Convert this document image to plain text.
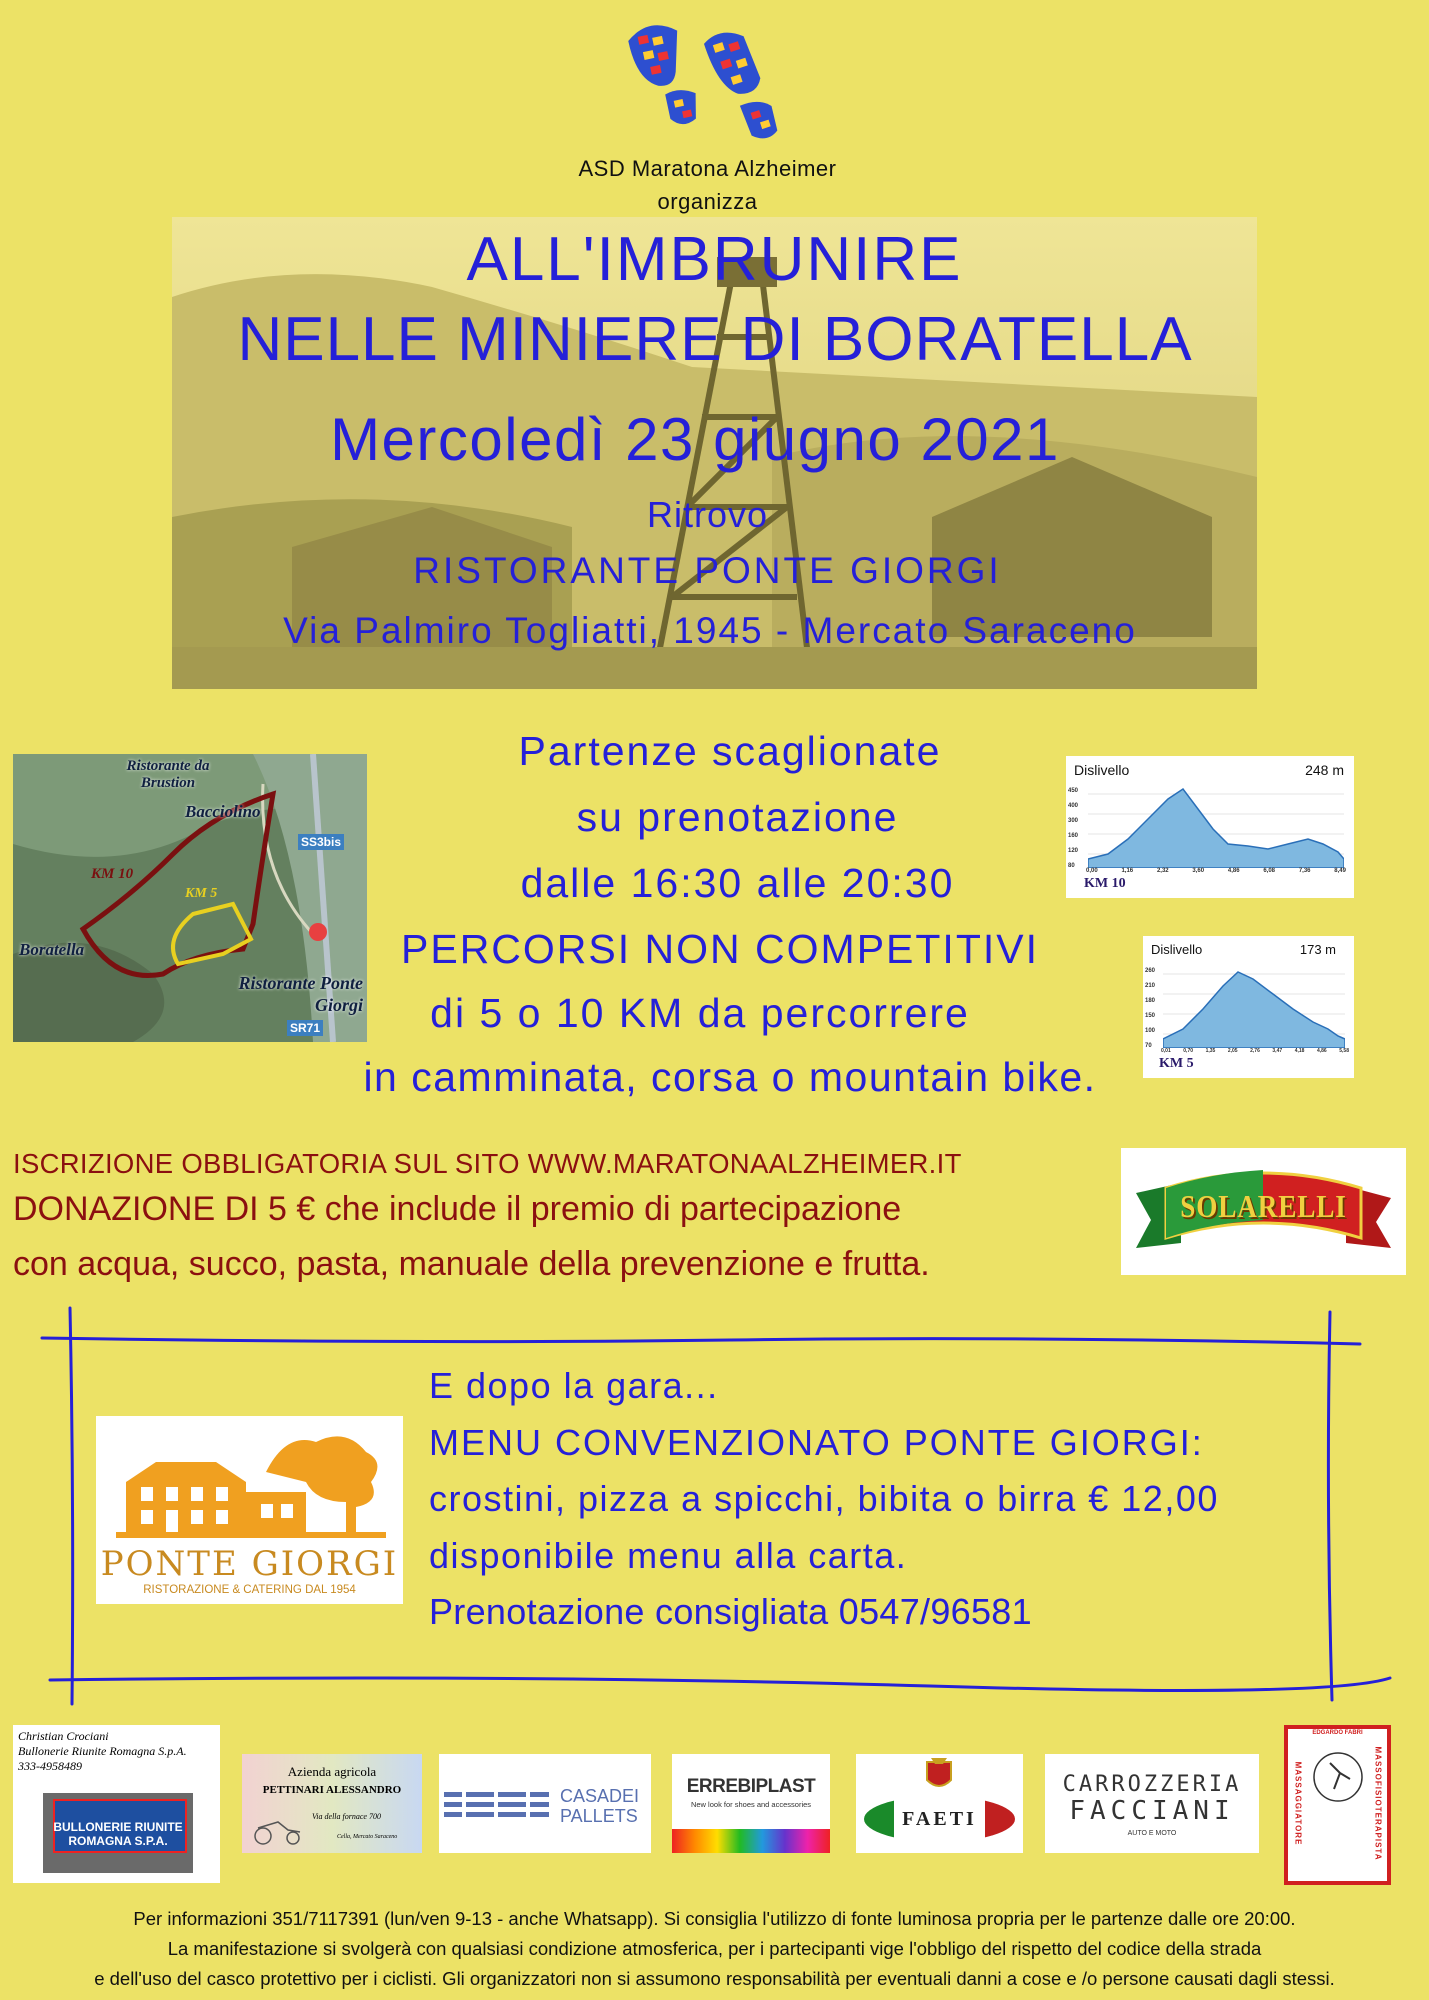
ASD Maratona Alzheimer
organizza
ALL'IMBRUNIRE
NELLE MINIERE DI BORATELLA
Mercoledì 23 giugno 2021
Ritrovo
RISTORANTE PONTE GIORGI
Via Palmiro Togliatti, 1945 - Mercato Saraceno
Ristorante da Brustion
Bacciolino
SS3bis
KM 10
KM 5
Boratella
Ristorante Ponte Giorgi
SR71
Partenze scaglionate
su prenotazione
dalle 16:30 alle 20:30
PERCORSI NON COMPETITIVI
di 5 o 10 KM da percorrere
in camminata, corsa o mountain bike.
Dislivello	248 m
450
400
300
160
120
80
0,00	1,16	2,32	3,60	4,86	6,08	7,36	8,49
KM 10
Dislivello	173 m
260
210
180
150
100
70
0,01	0,70	1,35	2,05	2,76	3,47	4,18	4,86	5,58
KM 5
ISCRIZIONE OBBLIGATORIA SUL SITO WWW.MARATONAALZHEIMER.IT
DONAZIONE DI 5 € che include il premio di partecipazione
con acqua, succo, pasta, manuale della prevenzione e frutta.
SOLARELLI
PONTE GIORGI
RISTORAZIONE & CATERING DAL 1954
E dopo la gara...
MENU CONVENZIONATO PONTE GIORGI:
crostini, pizza a spicchi, bibita o birra € 12,00
disponibile menu alla carta.
Prenotazione consigliata 0547/96581
Christian Crociani
Bullonerie Riunite Romagna S.p.A.
333-4958489
BULLONERIE RIUNITE
ROMAGNA S.P.A.
Azienda agricola
PETTINARI ALESSANDRO
Via della fornace 700
Cella, Mercato Saraceno
CASADEI
PALLETS
ERREBIPLAST
New look for shoes and accessories
FAETI
CARROZZERIA
FACCIANI
AUTO E MOTO
EDGARDO FABRI
MASSAGGIATORE	MASSOFISIOTERAPISTA
Per informazioni 351/7117391 (lun/ven 9-13 - anche Whatsapp). Si consiglia l'utilizzo di fonte luminosa propria per le partenze dalle ore 20:00.
La manifestazione si svolgerà con qualsiasi condizione atmosferica, per i partecipanti vige l'obbligo del rispetto del codice della strada
e dell'uso del casco protettivo per i ciclisti. Gli organizzatori non si assumono responsabilità per eventuali danni a cose e /o persone causati dagli stessi.
